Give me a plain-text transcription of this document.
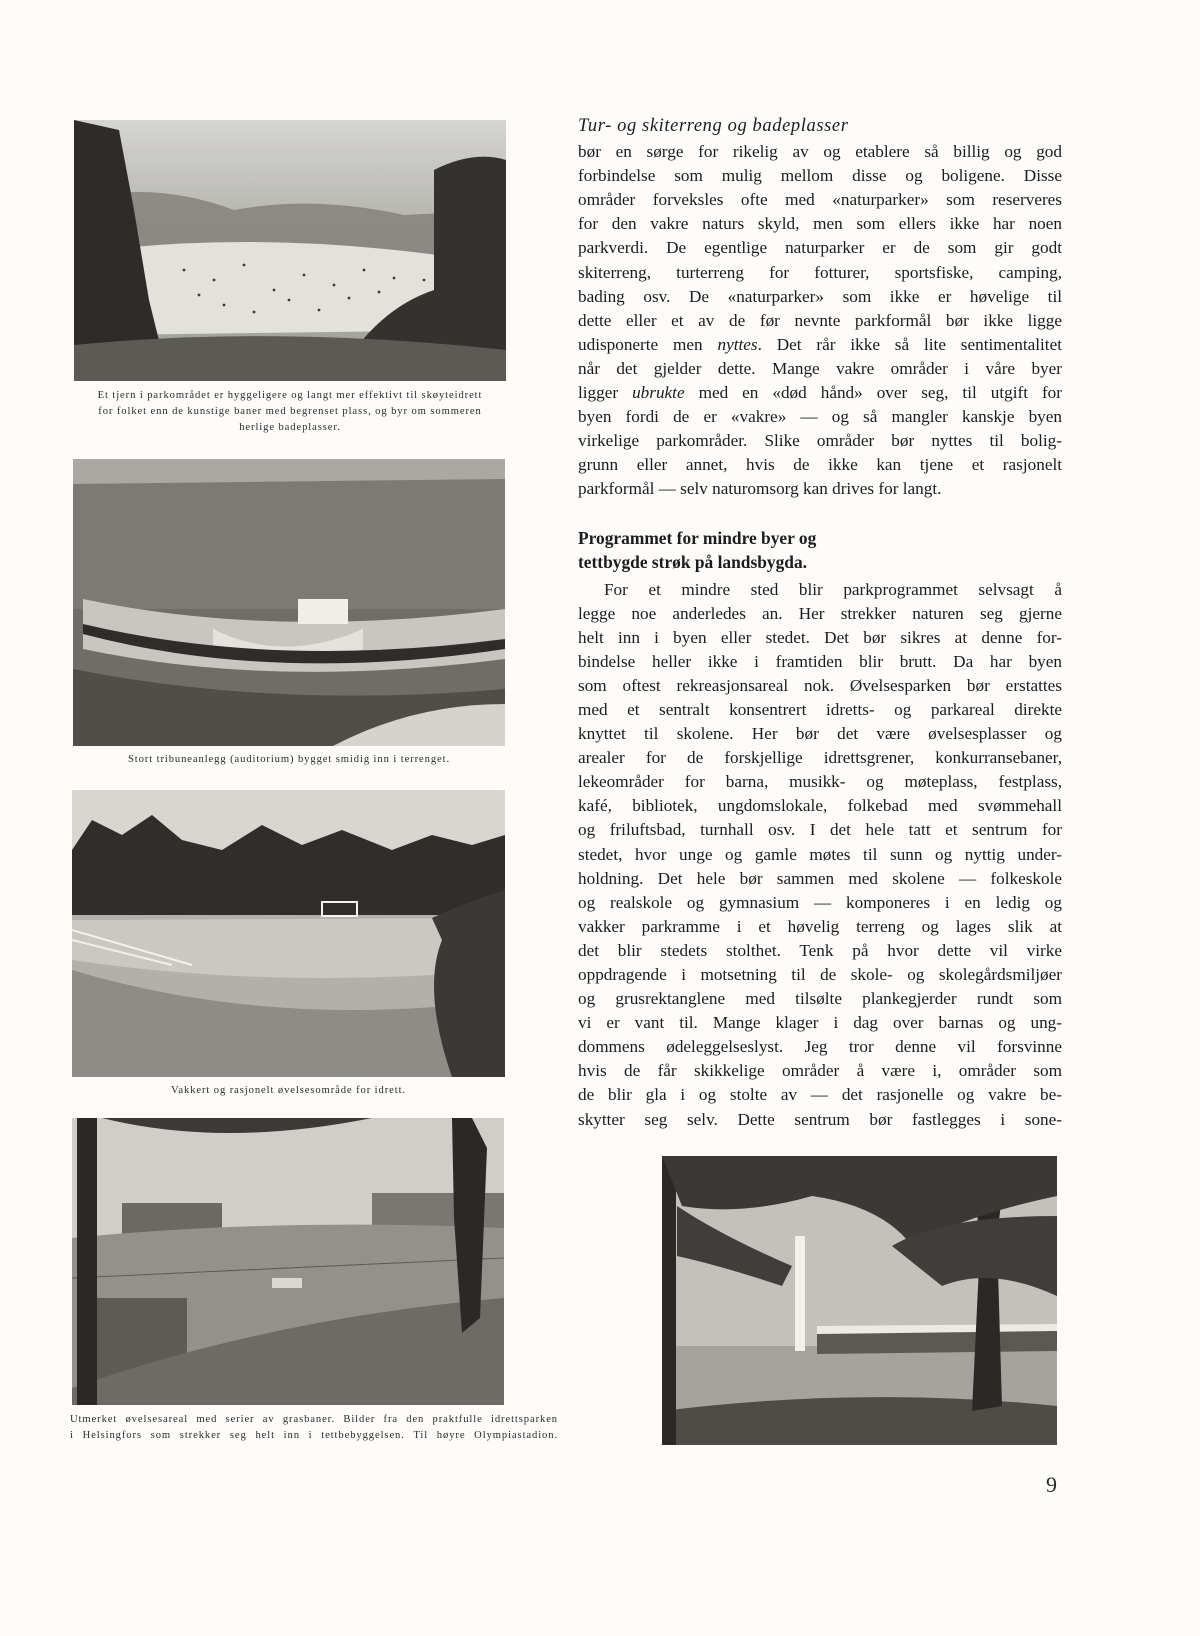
Et tjern i parkområdet er hyggeligere og langt mer effektivt til skøyteidrett
for folket enn de kunstige baner med begrenset plass, og byr om sommeren
herlige badeplasser.
Stort tribuneanlegg (auditorium) bygget smidig inn i terrenget.
Vakkert og rasjonelt øvelsesområde for idrett.
Utmerket øvelsesareal med serier av grasbaner. Bilder fra den praktfulle idrettsparken
i Helsingfors som strekker seg helt inn i tettbebyggelsen. Til høyre Olympiastadion.
Tur- og skiterreng og badeplasser
bør en sørge for rikelig av og etablere så billig og god
forbindelse som mulig mellom disse og boligene. Disse
områder forveksles ofte med «naturparker» som reserveres
for den vakre naturs skyld, men som ellers ikke har noen
parkverdi. De egentlige naturparker er de som gir godt
skiterreng, turterreng for fotturer, sportsfiske, camping,
bading osv. De «naturparker» som ikke er høvelige til
dette eller et av de før nevnte parkformål bør ikke ligge
udisponerte men nyttes. Det rår ikke så lite sentimentalitet
når det gjelder dette. Mange vakre områder i våre byer
ligger ubrukte med en «død hånd» over seg, til utgift for
byen fordi de er «vakre» — og så mangler kanskje byen
virkelige parkområder. Slike områder bør nyttes til bolig-
grunn eller annet, hvis de ikke kan tjene et rasjonelt
parkformål — selv naturomsorg kan drives for langt.
Programmet for mindre byer og
tettbygde strøk på landsbygda.
For et mindre sted blir parkprogrammet selvsagt å
legge noe anderledes an. Her strekker naturen seg gjerne
helt inn i byen eller stedet. Det bør sikres at denne for-
bindelse heller ikke i framtiden blir brutt. Da har byen
som oftest rekreasjonsareal nok. Øvelsesparken bør erstattes
med et sentralt konsentrert idretts- og parkareal direkte
knyttet til skolene. Her bør det være øvelsesplasser og
arealer for de forskjellige idrettsgrener, konkurransebaner,
lekeområder for barna, musikk- og møteplass, festplass,
kafé, bibliotek, ungdomslokale, folkebad med svømmehall
og friluftsbad, turnhall osv. I det hele tatt et sentrum for
stedet, hvor unge og gamle møtes til sunn og nyttig under-
holdning. Det hele bør sammen med skolene — folkeskole
og realskole og gymnasium — komponeres i en ledig og
vakker parkramme i et høvelig terreng og lages slik at
det blir stedets stolthet. Tenk på hvor dette vil virke
oppdragende i motsetning til de skole- og skolegårdsmiljøer
og grusrektanglene med tilsølte plankegjerder rundt som
vi er vant til. Mange klager i dag over barnas og ung-
dommens ødeleggelseslyst. Jeg tror denne vil forsvinne
hvis de får skikkelige områder å være i, områder som
de blir gla i og stolte av — det rasjonelle og vakre be-
skytter seg selv. Dette sentrum bør fastlegges i sone-
9
